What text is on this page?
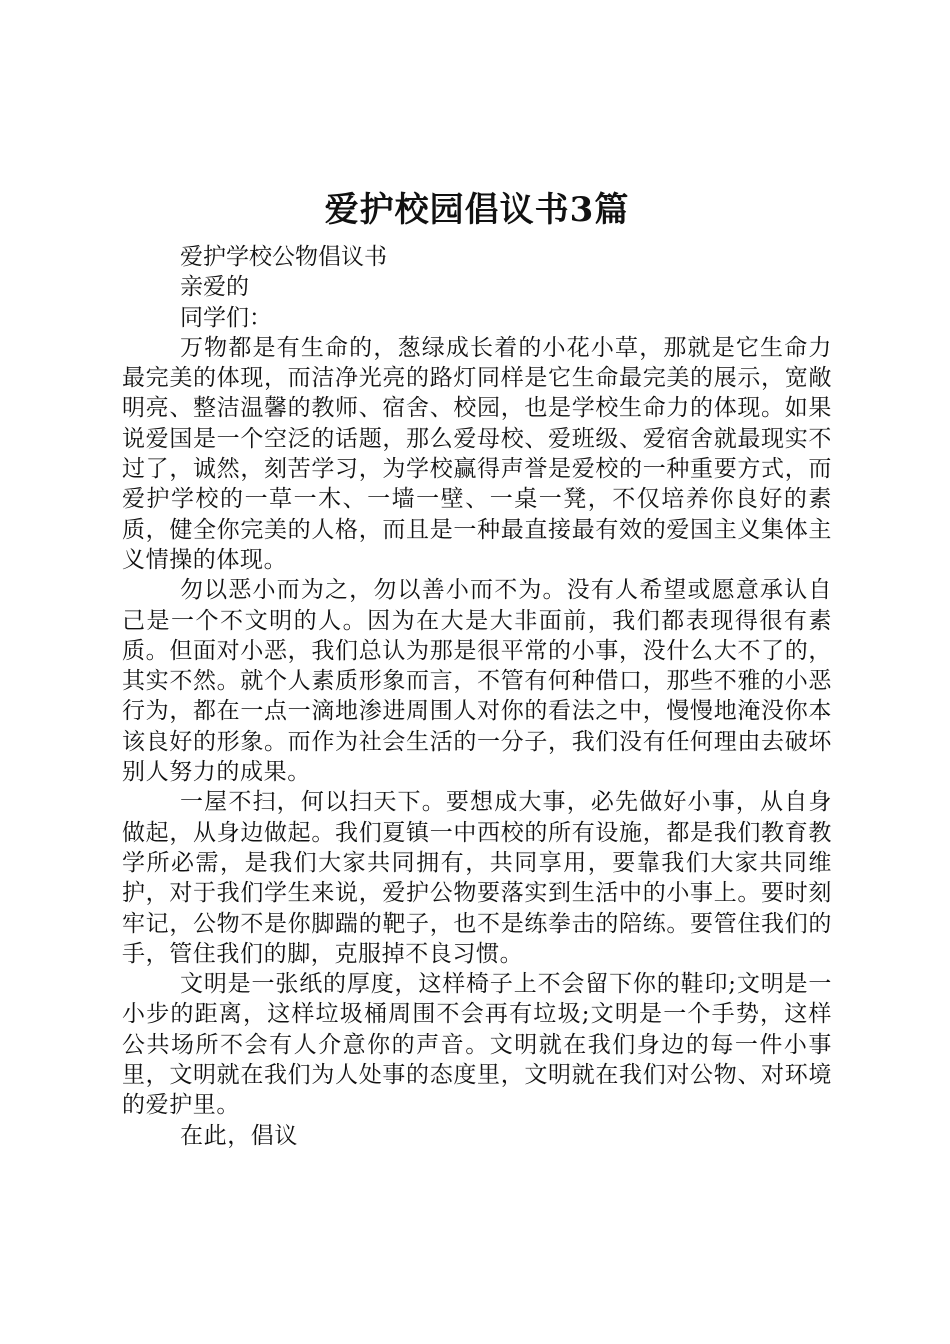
爱护校园倡议书3篇

爱护学校公物倡议书

亲爱的

同学们：

万物都是有生命的，葱绿成长着的小花小草，那就是它生命力最完美的体现，而洁净光亮的路灯同样是它生命最完美的展示，宽敞明亮、整洁温馨的教师、宿舍、校园，也是学校生命力的体现。如果说爱国是一个空泛的话题，那么爱母校、爱班级、爱宿舍就最现实不过了，诚然，刻苦学习，为学校赢得声誉是爱校的一种重要方式，而爱护学校的一草一木、一墙一壁、一桌一凳，不仅培养你良好的素质，健全你完美的人格，而且是一种最直接最有效的爱国主义集体主义情操的体现。

勿以恶小而为之，勿以善小而不为。没有人希望或愿意承认自己是一个不文明的人。因为在大是大非面前，我们都表现得很有素质。但面对小恶，我们总认为那是很平常的小事，没什么大不了的，其实不然。就个人素质形象而言，不管有何种借口，那些不雅的小恶行为，都在一点一滴地渗进周围人对你的看法之中，慢慢地淹没你本该良好的形象。而作为社会生活的一分子，我们没有任何理由去破坏别人努力的成果。

一屋不扫，何以扫天下。要想成大事，必先做好小事，从自身做起，从身边做起。我们夏镇一中西校的所有设施，都是我们教育教学所必需，是我们大家共同拥有，共同享用，要靠我们大家共同维护，对于我们学生来说，爱护公物要落实到生活中的小事上。要时刻牢记，公物不是你脚踹的靶子，也不是练拳击的陪练。要管住我们的手，管住我们的脚，克服掉不良习惯。

文明是一张纸的厚度，这样椅子上不会留下你的鞋印;文明是一小步的距离，这样垃圾桶周围不会再有垃圾;文明是一个手势，这样公共场所不会有人介意你的声音。文明就在我们身边的每一件小事里，文明就在我们为人处事的态度里，文明就在我们对公物、对环境的爱护里。

在此，倡议
